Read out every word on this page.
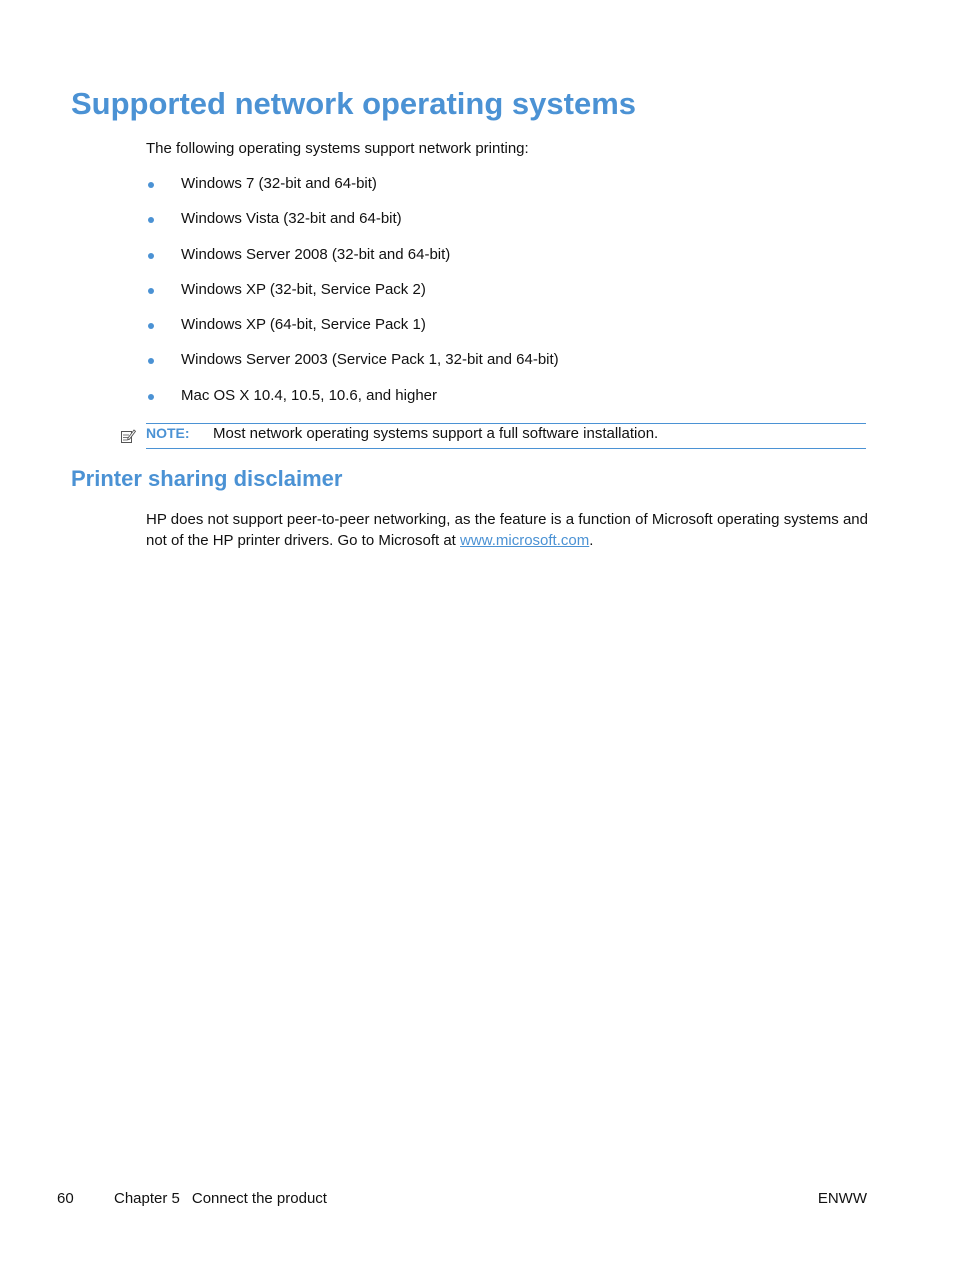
Supported network operating systems

The following operating systems support network printing:

Windows 7 (32-bit and 64-bit)
Windows Vista (32-bit and 64-bit)
Windows Server 2008 (32-bit and 64-bit)
Windows XP (32-bit, Service Pack 2)
Windows XP (64-bit, Service Pack 1)
Windows Server 2003 (Service Pack 1, 32-bit and 64-bit)
Mac OS X 10.4, 10.5, 10.6, and higher
NOTE: Most network operating systems support a full software installation.
Printer sharing disclaimer

HP does not support peer-to-peer networking, as the feature is a function of Microsoft operating systems and not of the HP printer drivers. Go to Microsoft at www.microsoft.com.

60	Chapter 5 Connect the product	ENWW
